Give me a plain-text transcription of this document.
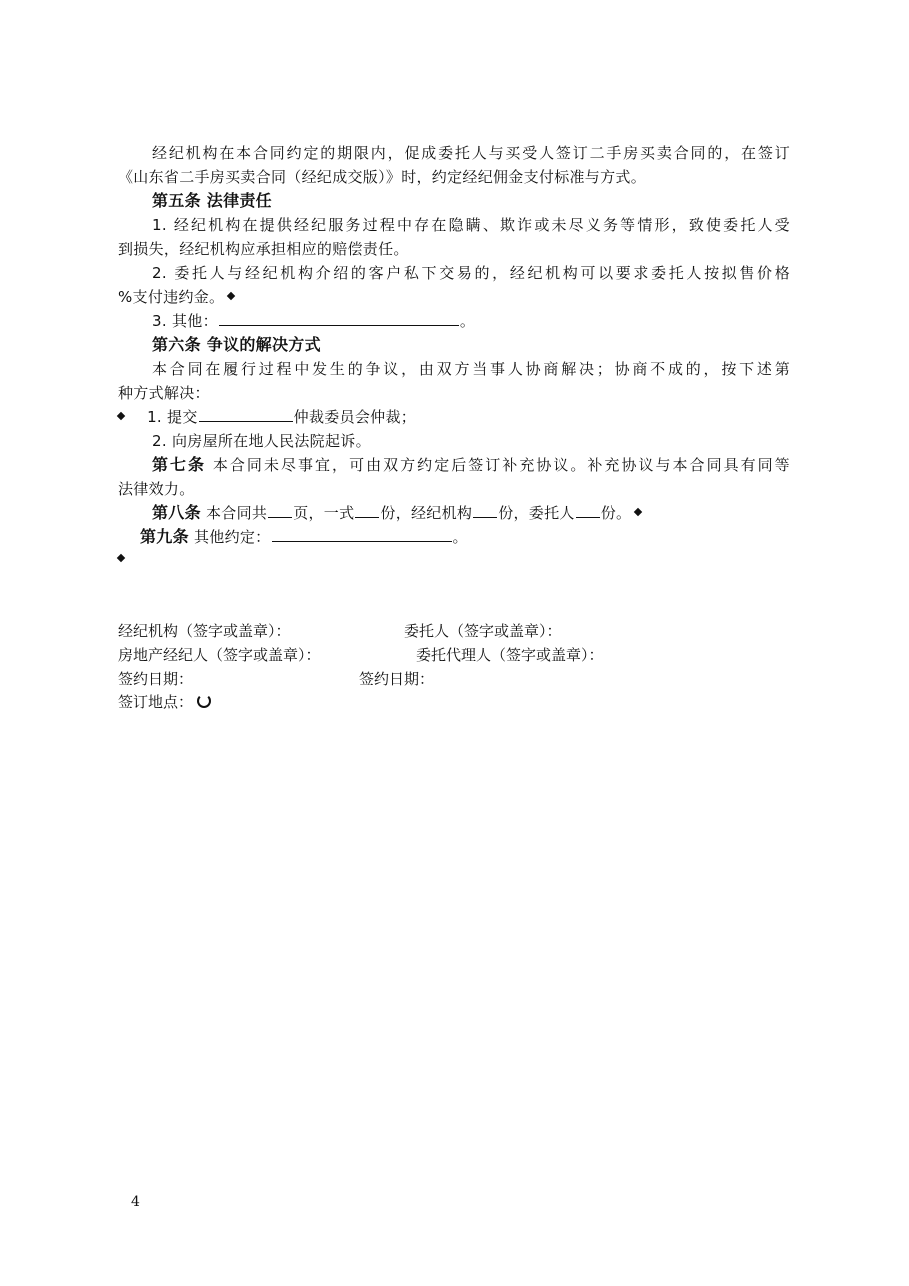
经纪机构在本合同约定的期限内，促成委托人与买受人签订二手房买卖合同的，在签订
《山东省二手房买卖合同（经纪成交版）》时，约定经纪佣金支付标准与方式。
第五条 法律责任
1. 经纪机构在提供经纪服务过程中存在隐瞒、欺诈或未尽义务等情形，致使委托人受
到损失，经纪机构应承担相应的赔偿责任。
2. 委托人与经纪机构介绍的客户私下交易的，经纪机构可以要求委托人按拟售价格
%支付违约金。
3. 其他：	。
第六条 争议的解决方式
本合同在履行过程中发生的争议，由双方当事人协商解决；协商不成的，按下述第
种方式解决：
1. 提交	仲裁委员会仲裁；
2. 向房屋所在地人民法院起诉。
第七条 本合同未尽事宜，可由双方约定后签订补充协议。补充协议与本合同具有同等
法律效力。
第八条 本合同共 页，一式 份，经纪机构 份，委托人 份。
第九条 其他约定：	。
经纪机构（签字或盖章）：	委托人（签字或盖章）：
房地产经纪人（签字或盖章）：	委托代理人（签字或盖章）：
签约日期：	签约日期：
签订地点：
4
